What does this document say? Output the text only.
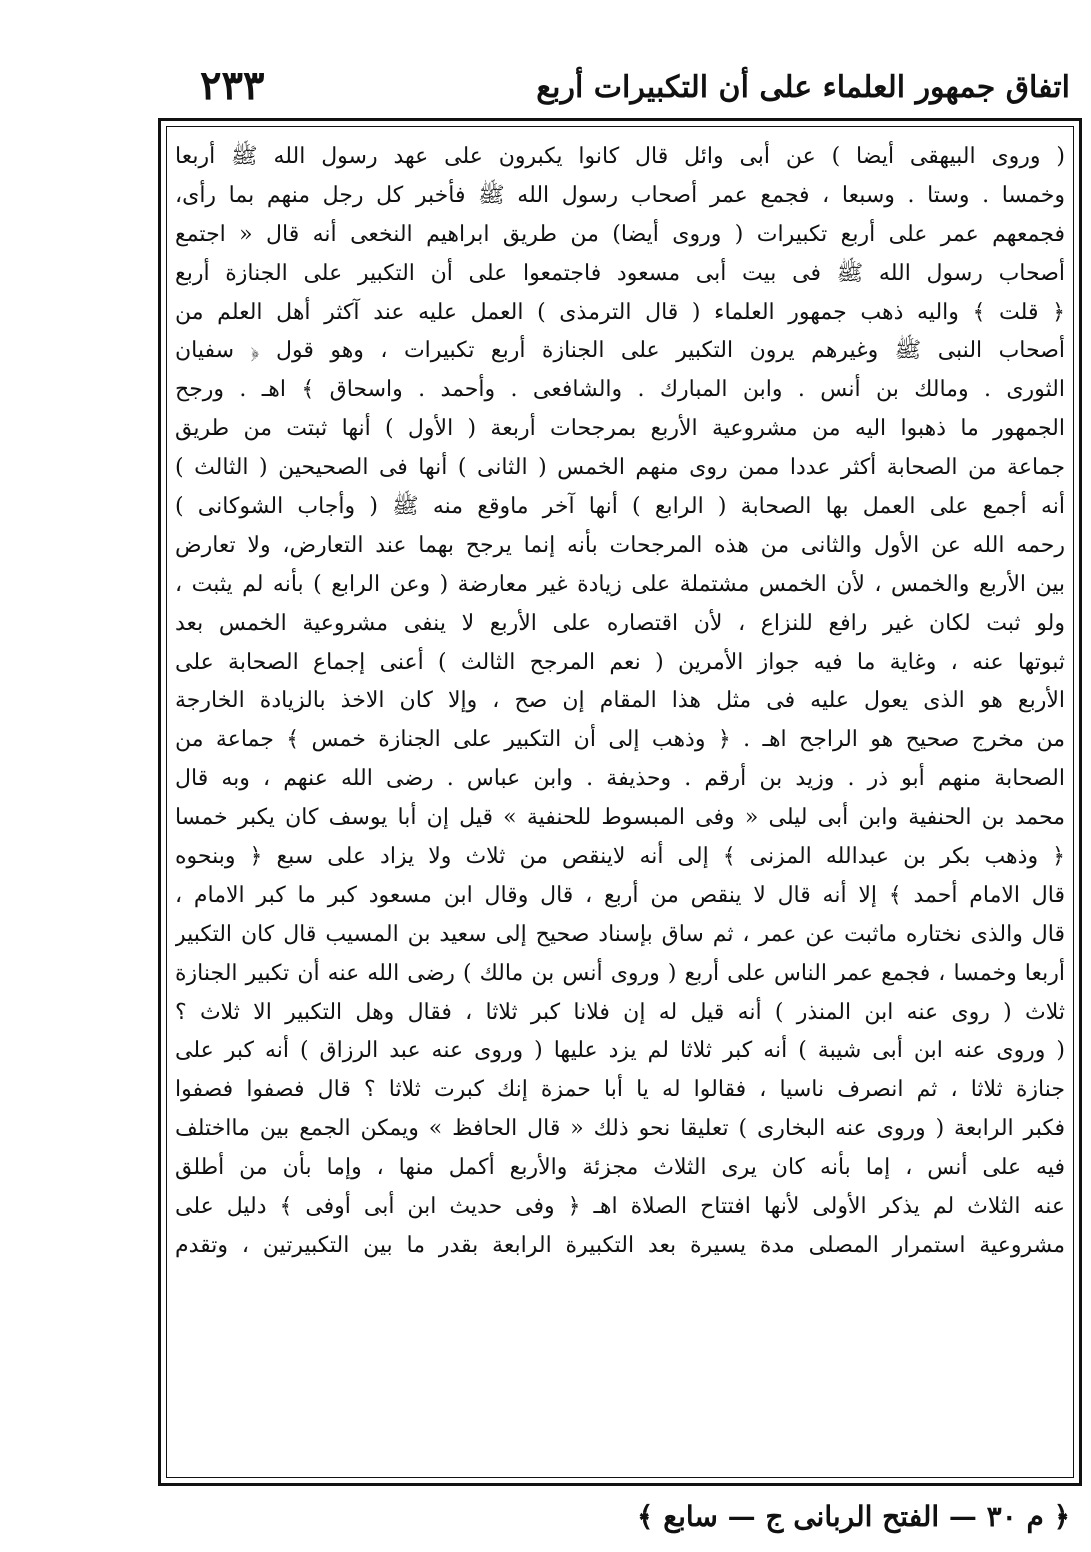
اتفاق جمهور العلماء على أن التكبيرات أربع
٢٣٣
( وروى البيهقى أيضا ) عن أبى وائل قال كانوا يكبرون على عهد رسول الله ﷺ أربعا
وخمسا . وستا . وسبعا ، فجمع عمر أصحاب رسول الله ﷺ فأخبر كل رجل منهم بما رأى،
فجمعهم عمر على أربع تكبيرات ( وروى أيضا) من طريق ابراهيم النخعى أنه قال « اجتمع
أصحاب رسول الله ﷺ فى بيت أبى مسعود فاجتمعوا على أن التكبير على الجنازة أربع
﴿ قلت ﴾ واليه ذهب جمهور العلماء ( قال الترمذى ) العمل عليه عند آكثر أهل العلم من
أصحاب النبى ﷺ وغيرهم يرون التكبير على الجنازة أربع تكبيرات ، وهو قول ﴿ سفيان
الثورى . ومالك بن أنس . وابن المبارك . والشافعى . وأحمد . واسحاق ﴾ اهـ . ورجح
الجمهور ما ذهبوا اليه من مشروعية الأربع بمرجحات أربعة ( الأول ) أنها ثبتت من طريق
جماعة من الصحابة أكثر عددا ممن روى منهم الخمس ( الثانى ) أنها فى الصحيحين ( الثالث )
أنه أجمع على العمل بها الصحابة ( الرابع ) أنها آخر ماوقع منه ﷺ ( وأجاب الشوكانى )
رحمه الله عن الأول والثانى من هذه المرجحات بأنه إنما يرجح بهما عند التعارض، ولا تعارض
بين الأربع والخمس ، لأن الخمس مشتملة على زيادة غير معارضة ( وعن الرابع ) بأنه لم يثبت ،
ولو ثبت لكان غير رافع للنزاع ، لأن اقتصاره على الأربع لا ينفى مشروعية الخمس بعد
ثبوتها عنه ، وغاية ما فيه جواز الأمرين ( نعم المرجح الثالث ) أعنى إجماع الصحابة على
الأربع هو الذى يعول عليه فى مثل هذا المقام إن صح ، وإلا كان الاخذ بالزيادة الخارجة
من مخرج صحيح هو الراجح اهـ . ﴿ وذهب إلى أن التكبير على الجنازة خمس ﴾ جماعة من
الصحابة منهم أبو ذر . وزيد بن أرقم . وحذيفة . وابن عباس . رضى الله عنهم ، وبه قال
محمد بن الحنفية وابن أبى ليلى « وفى المبسوط للحنفية » قيل إن أبا يوسف كان يكبر خمسا
﴿ وذهب بكر بن عبدالله المزنى ﴾ إلى أنه لاينقص من ثلاث ولا يزاد على سبع ﴿ وبنحوه
قال الامام أحمد ﴾ إلا أنه قال لا ينقص من أربع ، قال وقال ابن مسعود كبر ما كبر الامام ،
قال والذى نختاره ماثبت عن عمر ، ثم ساق بإسناد صحيح إلى سعيد بن المسيب قال كان التكبير
أربعا وخمسا ، فجمع عمر الناس على أربع ( وروى أنس بن مالك ) رضى الله عنه أن تكبير الجنازة
ثلاث ( روى عنه ابن المنذر ) أنه قيل له إن فلانا كبر ثلاثا ، فقال وهل التكبير الا ثلاث ؟
( وروى عنه ابن أبى شيبة ) أنه كبر ثلاثا لم يزد عليها ( وروى عنه عبد الرزاق ) أنه كبر على
جنازة ثلاثا ، ثم انصرف ناسيا ، فقالوا له يا أبا حمزة إنك كبرت ثلاثا ؟ قال فصفوا فصفوا
فكبر الرابعة ( وروى عنه البخارى ) تعليقا نحو ذلك « قال الحافظ » ويمكن الجمع بين مااختلف
فيه على أنس ، إما بأنه كان يرى الثلاث مجزئة والأربع أكمل منها ، وإما بأن من أطلق
عنه الثلاث لم يذكر الأولى لأنها افتتاح الصلاة اهـ ﴿ وفى حديث ابن أبى أوفى ﴾ دليل على
مشروعية استمرار المصلى مدة يسيرة بعد التكبيرة الرابعة بقدر ما بين التكبيرتين ، وتقدم
﴿ م ٣٠ — الفتح الربانى ج — سابع ﴾
